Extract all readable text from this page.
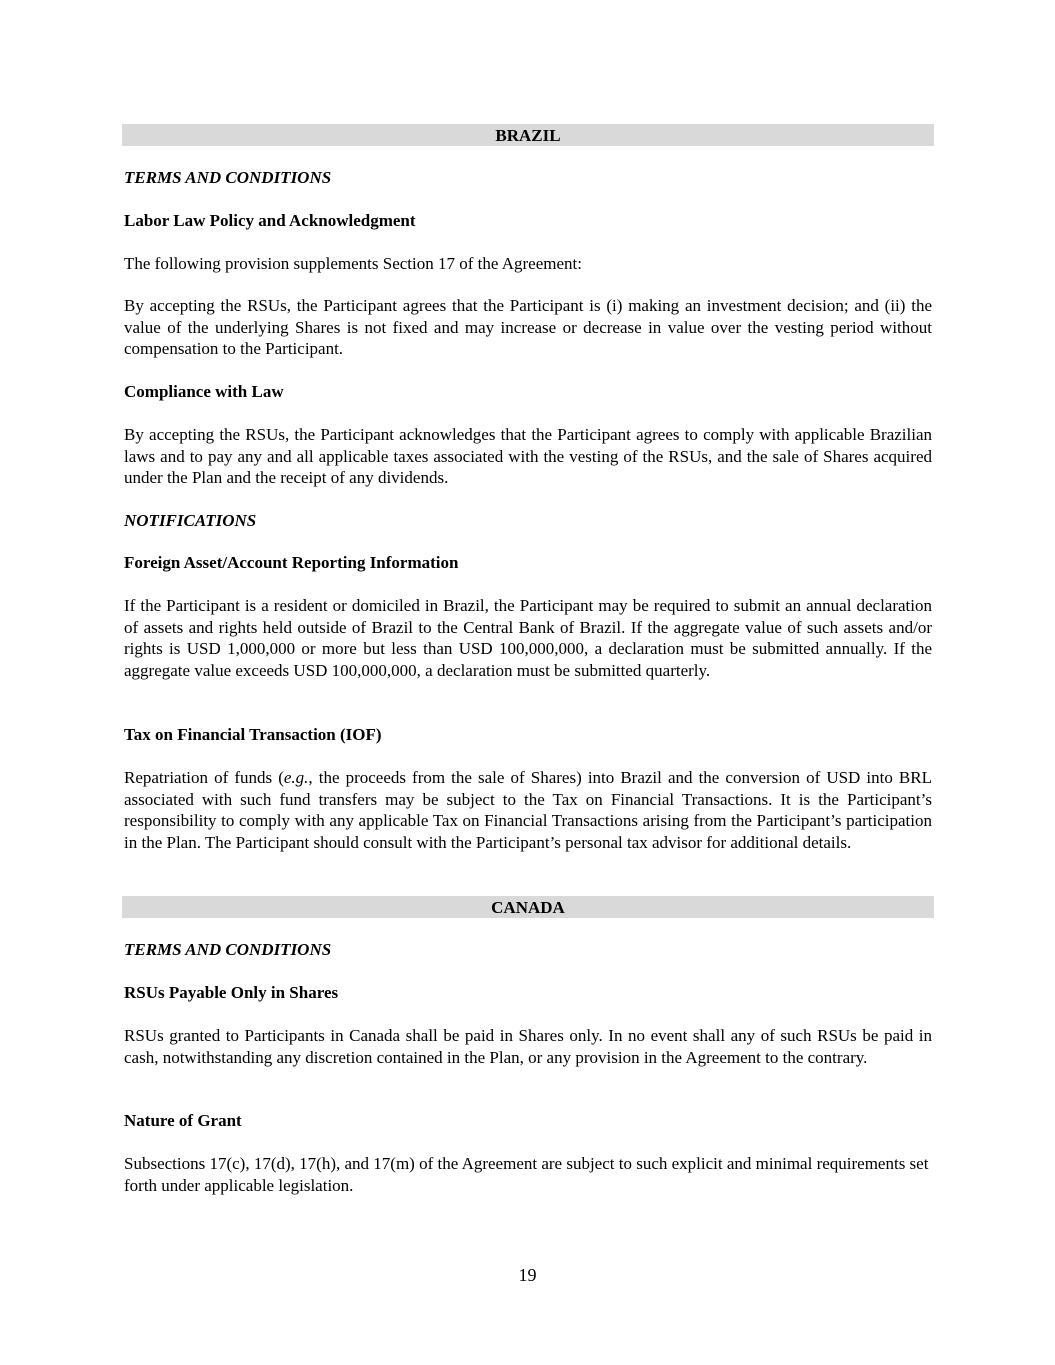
BRAZIL
TERMS AND CONDITIONS
Labor Law Policy and Acknowledgment
The following provision supplements Section 17 of the Agreement:
By accepting the RSUs, the Participant agrees that the Participant is (i) making an investment decision; and (ii) the value of the underlying Shares is not fixed and may increase or decrease in value over the vesting period without compensation to the Participant.
Compliance with Law
By accepting the RSUs, the Participant acknowledges that the Participant agrees to comply with applicable Brazilian laws and to pay any and all applicable taxes associated with the vesting of the RSUs, and the sale of Shares acquired under the Plan and the receipt of any dividends.
NOTIFICATIONS
Foreign Asset/Account Reporting Information
If the Participant is a resident or domiciled in Brazil, the Participant may be required to submit an annual declaration of assets and rights held outside of Brazil to the Central Bank of Brazil. If the aggregate value of such assets and/or rights is USD 1,000,000 or more but less than USD 100,000,000, a declaration must be submitted annually. If the aggregate value exceeds USD 100,000,000, a declaration must be submitted quarterly.
Tax on Financial Transaction (IOF)
Repatriation of funds (e.g., the proceeds from the sale of Shares) into Brazil and the conversion of USD into BRL associated with such fund transfers may be subject to the Tax on Financial Transactions. It is the Participant’s responsibility to comply with any applicable Tax on Financial Transactions arising from the Participant’s participation in the Plan. The Participant should consult with the Participant’s personal tax advisor for additional details.
CANADA
TERMS AND CONDITIONS
RSUs Payable Only in Shares
RSUs granted to Participants in Canada shall be paid in Shares only. In no event shall any of such RSUs be paid in cash, notwithstanding any discretion contained in the Plan, or any provision in the Agreement to the contrary.
Nature of Grant
Subsections 17(c), 17(d), 17(h), and 17(m) of the Agreement are subject to such explicit and minimal requirements set forth under applicable legislation.
19
